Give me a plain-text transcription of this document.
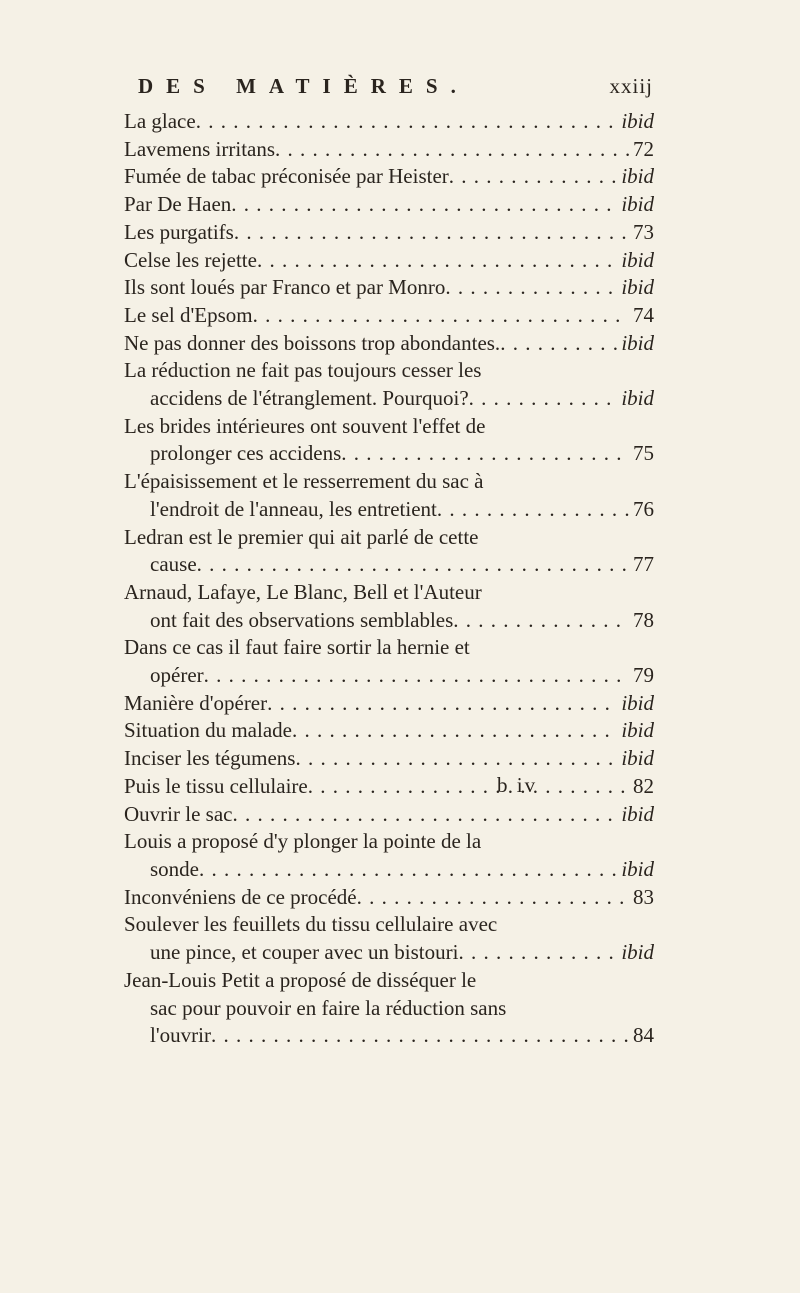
DES MATIÈRES.	xxiij
La glace . . .	ibid
Lavemens irritans . . .	72
Fumée de tabac préconisée par Heister . . .	ibid
Par De Haen . . .	ibid
Les purgatifs . . .	73
Celse les rejette . . .	ibid
Ils sont loués par Franco et par Monro . . .	ibid
Le sel d'Epsom . . .	74
Ne pas donner des boissons trop abondantes. . . .	ibid
La réduction ne fait pas toujours cesser les
accidens de l'étranglement. Pourquoi? . . .	ibid
Les brides intérieures ont souvent l'effet de
prolonger ces accidens . . .	75
L'épaisissement et le resserrement du sac à
l'endroit de l'anneau, les entretient . . .	76
Ledran est le premier qui ait parlé de cette
cause . . .	77
Arnaud, Lafaye, Le Blanc, Bell et l'Auteur
ont fait des observations semblables . . .	78
Dans ce cas il faut faire sortir la hernie et
opérer . . .	79
Manière d'opérer . . .	ibid
Situation du malade . . .	ibid
Inciser les tégumens . . .	ibid
Puis le tissu cellulaire . . .	82
Ouvrir le sac . . .	ibid
Louis a proposé d'y plonger la pointe de la
sonde . . .	ibid
Inconvéniens de ce procédé . . .	83
Soulever les feuillets du tissu cellulaire avec
une pince, et couper avec un bistouri . . .	ibid
Jean-Louis Petit a proposé de disséquer le
sac pour pouvoir en faire la réduction sans
l'ouvrir . . .	84
b iv
